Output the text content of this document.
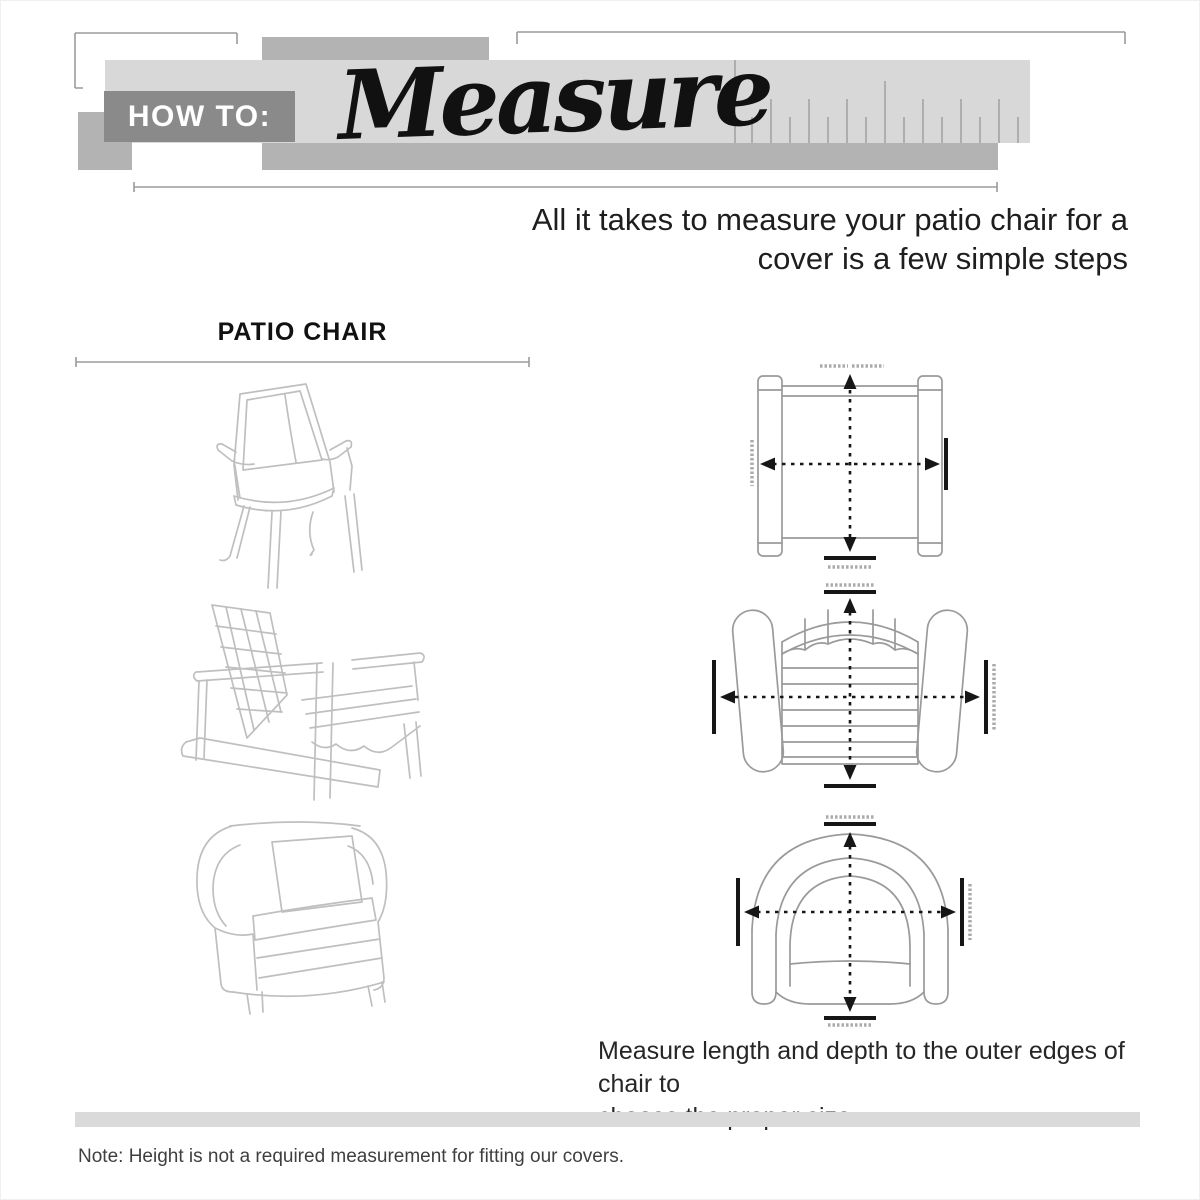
HOW TO: Measure
All it takes to measure your patio chair for a
cover is a few simple steps
PATIO CHAIR
Measure length and depth to the outer edges of chair to
Note: Height is not a required measurement for fitting our covers.
